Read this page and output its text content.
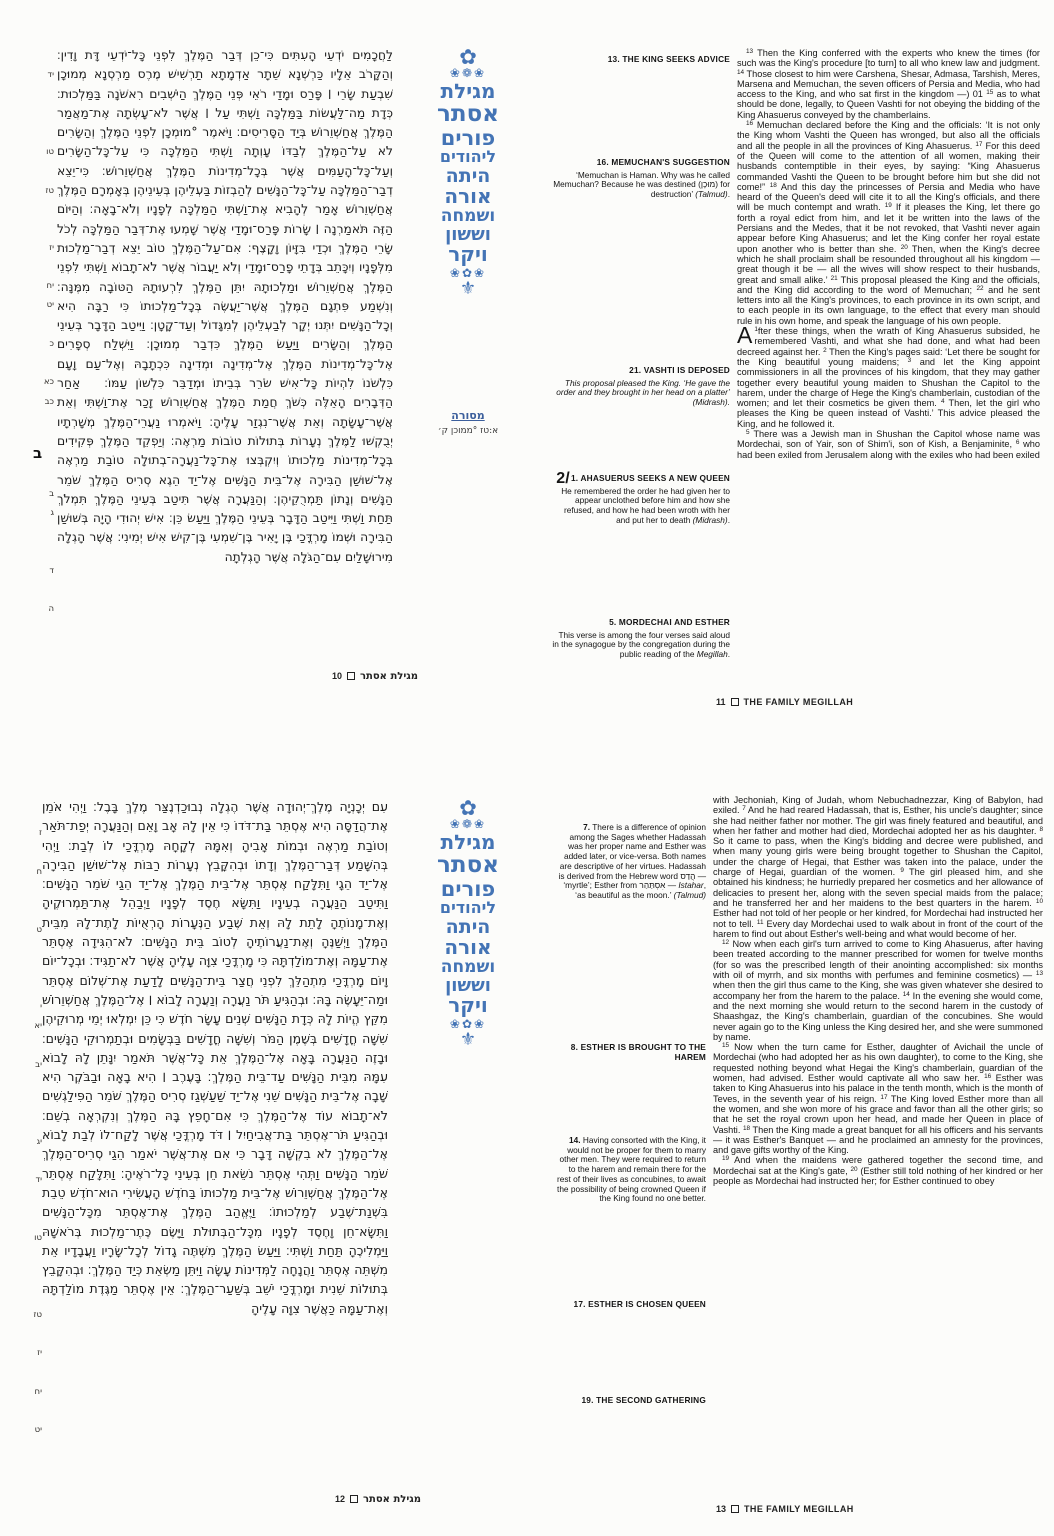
לַחֲכָמִים יֹדְעֵי הָעִתִּים כִּי־כֵן דְּבַר הַמֶּלֶךְ לִפְנֵי כָּל־יֹדְעֵי דָּת וָדִין׃ וְהַקָּרֹב אֵלָיו כַּרְשְׁנָא שֵׁתָר אַדְמָתָא תַרְשִׁישׁ מֶרֶס מַרְסְנָא מְמוּכָן שִׁבְעַת שָׂרֵי ׀ פָּרַס וּמָדַי רֹאֵי פְּנֵי הַמֶּלֶךְ הַיֹּשְׁבִים רִאשֹׁנָה בַּמַּלְכוּת׃ כְּדָת מַה־לַּעֲשׂוֹת בַּמַּלְכָּה וַשְׁתִּי עַל ׀ אֲשֶׁר לֹא־עָשְׂתָה אֶת־מַאֲמַר הַמֶּלֶךְ אֲחַשְׁוֵרוֹשׁ בְּיַד הַסָּרִיסִים׃ וַיֹּאמֶר °מוּמְכָן לִפְנֵי הַמֶּלֶךְ וְהַשָּׂרִים לֹא עַל־הַמֶּלֶךְ לְבַדּוֹ עָוְתָה וַשְׁתִּי הַמַּלְכָּה כִּי עַל־כָּל־הַשָּׂרִים וְעַל־כָּל־הָעַמִּים אֲשֶׁר בְּכָל־מְדִינוֹת הַמֶּלֶךְ אֲחַשְׁוֵרוֹשׁ׃ כִּי־יֵצֵא דְבַר־הַמַּלְכָּה עַל־כָּל־הַנָּשִׁים לְהַבְזוֹת בַּעְלֵיהֶן בְּעֵינֵיהֶן בְּאָמְרָם הַמֶּלֶךְ אֲחַשְׁוֵרוֹשׁ אָמַר לְהָבִיא אֶת־וַשְׁתִּי הַמַּלְכָּה לְפָנָיו וְלֹא־בָאָה׃ וְהַיּוֹם הַזֶּה תֹּאמַרְנָה ׀ שָׂרוֹת פָּרַס־וּמָדַי אֲשֶׁר שָׁמְעוּ אֶת־דְּבַר הַמַּלְכָּה לְכֹל שָׂרֵי הַמֶּלֶךְ וּכְדַי בִּזָּיוֹן וָקָצֶף׃ אִם־עַל־הַמֶּלֶךְ טוֹב יֵצֵא דְבַר־מַלְכוּת מִלְּפָנָיו וְיִכָּתֵב בְּדָתֵי פָרַס־וּמָדַי וְלֹא יַעֲבוֹר אֲשֶׁר לֹא־תָבוֹא וַשְׁתִּי לִפְנֵי הַמֶּלֶךְ אֲחַשְׁוֵרוֹשׁ וּמַלְכוּתָהּ יִתֵּן הַמֶּלֶךְ לִרְעוּתָהּ הַטּוֹבָה מִמֶּנָּה׃ וְנִשְׁמַע פִּתְגָם הַמֶּלֶךְ אֲשֶׁר־יַעֲשֶׂה בְּכָל־מַלְכוּתוֹ כִּי רַבָּה הִיא וְכָל־הַנָּשִׁים יִתְּנוּ יְקָר לְבַעְלֵיהֶן לְמִגָּדוֹל וְעַד־קָטָן׃ וַיִּיטַב הַדָּבָר בְּעֵינֵי הַמֶּלֶךְ וְהַשָּׂרִים וַיַּעַשׂ הַמֶּלֶךְ כִּדְבַר מְמוּכָן׃ וַיִּשְׁלַח סְפָרִים אֶל־כָּל־מְדִינוֹת הַמֶּלֶךְ אֶל־מְדִינָה וּמְדִינָה כִּכְתָבָהּ וְאֶל־עַם וָעָם כִּלְשֹׁנוֹ לִהְיוֹת כָּל־אִישׁ שֹׂרֵר בְּבֵיתוֹ וּמְדַבֵּר כִּלְשׁוֹן עַמּוֹ׃ אַחַר הַדְּבָרִים הָאֵלֶּה כְּשֹׁךְ חֲמַת הַמֶּלֶךְ אֲחַשְׁוֵרוֹשׁ זָכַר אֶת־וַשְׁתִּי וְאֵת אֲשֶׁר־עָשָׂתָה וְאֵת אֲשֶׁר־נִגְזַר עָלֶיהָ׃ וַיֹּאמְרוּ נַעֲרֵי־הַמֶּלֶךְ מְשָׁרְתָיו יְבֻקְשׁוּ לַמֶּלֶךְ נְעָרוֹת בְּתוּלוֹת טוֹבוֹת מַרְאֶה׃ וְיַפְקֵד הַמֶּלֶךְ פְּקִידִים בְּכָל־מְדִינוֹת מַלְכוּתוֹ וְיִקְבְּצוּ אֶת־כָּל־נַעֲרָה־בְתוּלָה טוֹבַת מַרְאֶה אֶל־שׁוּשַׁן הַבִּירָה אֶל־בֵּית הַנָּשִׁים אֶל־יַד הֵגֶא סְרִיס הַמֶּלֶךְ שֹׁמֵר הַנָּשִׁים וְנָתוֹן תַּמְרֻקֵיהֶן׃ וְהַנַּעֲרָה אֲשֶׁר תִּיטַב בְּעֵינֵי הַמֶּלֶךְ תִּמְלֹךְ תַּחַת וַשְׁתִּי וַיִּיטַב הַדָּבָר בְּעֵינֵי הַמֶּלֶךְ וַיַּעַשׂ כֵּן׃ אִישׁ יְהוּדִי הָיָה בְּשׁוּשַׁן הַבִּירָה וּשְׁמוֹ מָרְדֳּכַי בֶּן יָאִיר בֶּן־שִׁמְעִי בֶּן־קִישׁ אִישׁ יְמִינִי׃ אֲשֶׁר הָגְלָה מִירוּשָׁלַיִם עִם־הַגֹּלָה אֲשֶׁר הָגְלְתָה
יד
טו
טז
יז
יח
יט
כ
כא
כב
ב
ג
ד
ה
ב
✿
❀❁❀
מגילת
אסתר
פורים
ליהודים
היתה
אורה
ושמחה
וששון
ויקר
❀✿❀
⚜
מסורה
א:טז °ממוכן ק׳
13. THE KING SEEKS ADVICE
16. MEMUCHAN'S SUGGESTION
‘Memuchan is Haman. Why was he called Memuchan? Because he was destined (מוּכָן) for destruction’ (Talmud).
21. VASHTI IS DEPOSED
This proposal pleased the King. ‘He gave the order and they brought in her head on a platter’ (Midrash).
2/1. AHASUERUS SEEKS A NEW QUEEN
He remembered the order he had given her to appear unclothed before him and how she refused, and how he had been wroth with her and put her to death (Midrash).
5. MORDECHAI AND ESTHER
This verse is among the four verses said aloud in the synagogue by the congregation during the public reading of the Megillah.
$^{13}$ Then the King conferred with the experts who knew the times (for such was the King's procedure [to turn] to all who knew law and judgment. $^{14}$ Those closest to him were Carshena, Shesar, Admasa, Tarshish, Meres, Marsena and Memuchan, the seven officers of Persia and Media, who had access to the King, and who sat first in the kingdom —) 01 $^{15}$ as to what should be done, legally, to Queen Vashti for not obeying the bidding of the King Ahasuerus conveyed by the chamberlains.
$^{16}$ Memuchan declared before the King and the officials: ‘It is not only the King whom Vashti the Queen has wronged, but also all the officials and all the people in all the provinces of King Ahasuerus. $^{17}$ For this deed of the Queen will come to the attention of all women, making their husbands contemptible in their eyes, by saying: “King Ahasuerus commanded Vashti the Queen to be brought before him but she did not come!” $^{18}$ And this day the princesses of Persia and Media who have heard of the Queen's deed will cite it to all the King's officials, and there will be much contempt and wrath. $^{19}$ If it pleases the King, let there go forth a royal edict from him, and let it be written into the laws of the Persians and the Medes, that it be not revoked, that Vashti never again appear before King Ahasuerus; and let the King confer her royal estate upon another who is better than she. $^{20}$ Then, when the King's decree which he shall proclaim shall be resounded throughout all his kingdom — great though it be — all the wives will show respect to their husbands, great and small alike.’ $^{21}$ This proposal pleased the King and the officials, and the King did according to the word of Memuchan; $^{22}$ and he sent letters into all the King's provinces, to each province in its own script, and to each people in its own language, to the effect that every man should rule in his own home, and speak the language of his own people.
$^1$
A fter these things, when the wrath of King Ahasuerus subsided, he remembered Vashti, and what she had done, and what had been decreed against her. $^2$ Then the King's pages said: ‘Let there be sought for the King beautiful young maidens; $^3$ and let the King appoint commissioners in all the provinces of his kingdom, that they may gather together every beautiful young maiden to Shushan the Capitol to the harem, under the charge of Hege the King's chamberlain, custodian of the women; and let their cosmetics be given them. $^4$ Then, let the girl who pleases the King be queen instead of Vashti.’ This advice pleased the King, and he followed it.
$^5$ There was a Jewish man in Shushan the Capitol whose name was Mordechai, son of Yair, son of Shim'i, son of Kish, a Benjaminite, $^6$ who had been exiled from Jerusalem along with the exiles who had been exiled
10 מגילת אסתר
11 THE FAMILY MEGILLAH
עִם יְכָנְיָה מֶלֶךְ־יְהוּדָה אֲשֶׁר הֶגְלָה נְבוּכַדְנֶצַּר מֶלֶךְ בָּבֶל׃ וַיְהִי אֹמֵן אֶת־הֲדַסָּה הִיא אֶסְתֵּר בַּת־דֹּדוֹ כִּי אֵין לָהּ אָב וָאֵם וְהַנַּעֲרָה יְפַת־תֹּאַר וְטוֹבַת מַרְאֶה וּבְמוֹת אָבִיהָ וְאִמָּהּ לְקָחָהּ מָרְדֳּכַי לוֹ לְבַת׃ וַיְהִי בְּהִשָּׁמַע דְּבַר־הַמֶּלֶךְ וְדָתוֹ וּבְהִקָּבֵץ נְעָרוֹת רַבּוֹת אֶל־שׁוּשַׁן הַבִּירָה אֶל־יַד הֵגָי וַתִּלָּקַח אֶסְתֵּר אֶל־בֵּית הַמֶּלֶךְ אֶל־יַד הֵגַי שֹׁמֵר הַנָּשִׁים׃ וַתִּיטַב הַנַּעֲרָה בְעֵינָיו וַתִּשָּׂא חֶסֶד לְפָנָיו וַיְבַהֵל אֶת־תַּמְרוּקֶיהָ וְאֶת־מָנוֹתֶהָ לָתֵת לָהּ וְאֵת שֶׁבַע הַנְּעָרוֹת הָרְאֻיוֹת לָתֶת־לָהּ מִבֵּית הַמֶּלֶךְ וַיְשַׁנֶּהָ וְאֶת־נַעֲרוֹתֶיהָ לְטוֹב בֵּית הַנָּשִׁים׃ לֹא־הִגִּידָה אֶסְתֵּר אֶת־עַמָּהּ וְאֶת־מוֹלַדְתָּהּ כִּי מָרְדֳּכַי צִוָּה עָלֶיהָ אֲשֶׁר לֹא־תַגִּיד׃ וּבְכָל־יוֹם וָיוֹם מָרְדֳּכַי מִתְהַלֵּךְ לִפְנֵי חֲצַר בֵּית־הַנָּשִׁים לָדַעַת אֶת־שְׁלוֹם אֶסְתֵּר וּמַה־יֵּעָשֶׂה בָּהּ׃ וּבְהַגִּיעַ תֹּר נַעֲרָה וְנַעֲרָה לָבוֹא ׀ אֶל־הַמֶּלֶךְ אֲחַשְׁוֵרוֹשׁ מִקֵּץ הֱיוֹת לָהּ כְּדָת הַנָּשִׁים שְׁנֵים עָשָׂר חֹדֶשׁ כִּי כֵּן יִמְלְאוּ יְמֵי מְרוּקֵיהֶן שִׁשָּׁה חֳדָשִׁים בְּשֶׁמֶן הַמֹּר וְשִׁשָּׁה חֳדָשִׁים בַּבְּשָׂמִים וּבְתַמְרוּקֵי הַנָּשִׁים׃ וּבָזֶה הַנַּעֲרָה בָּאָה אֶל־הַמֶּלֶךְ אֵת כָּל־אֲשֶׁר תֹּאמַר יִנָּתֵן לָהּ לָבוֹא עִמָּהּ מִבֵּית הַנָּשִׁים עַד־בֵּית הַמֶּלֶךְ׃ בָּעֶרֶב ׀ הִיא בָאָה וּבַבֹּקֶר הִיא שָׁבָה אֶל־בֵּית הַנָּשִׁים שֵׁנִי אֶל־יַד שַׁעַשְׁגַז סְרִיס הַמֶּלֶךְ שֹׁמֵר הַפִּילַגְשִׁים לֹא־תָבוֹא עוֹד אֶל־הַמֶּלֶךְ כִּי אִם־חָפֵץ בָּהּ הַמֶּלֶךְ וְנִקְרְאָה בְשֵׁם׃ וּבְהַגִּיעַ תֹּר־אֶסְתֵּר בַּת־אֲבִיחַיִל ׀ דֹּד מָרְדֳּכַי אֲשֶׁר לָקַח־לוֹ לְבַת לָבוֹא אֶל־הַמֶּלֶךְ לֹא בִקְשָׁה דָּבָר כִּי אִם אֶת־אֲשֶׁר יֹאמַר הֵגַי סְרִיס־הַמֶּלֶךְ שֹׁמֵר הַנָּשִׁים וַתְּהִי אֶסְתֵּר נֹשֵׂאת חֵן בְּעֵינֵי כָּל־רֹאֶיהָ׃ וַתִּלָּקַח אֶסְתֵּר אֶל־הַמֶּלֶךְ אֲחַשְׁוֵרוֹשׁ אֶל־בֵּית מַלְכוּתוֹ בַּחֹדֶשׁ הָעֲשִׂירִי הוּא־חֹדֶשׁ טֵבֵת בִּשְׁנַת־שֶׁבַע לְמַלְכוּתוֹ׃ וַיֶּאֱהַב הַמֶּלֶךְ אֶת־אֶסְתֵּר מִכָּל־הַנָּשִׁים וַתִּשָּׂא־חֵן וָחֶסֶד לְפָנָיו מִכָּל־הַבְּתוּלֹת וַיָּשֶׂם כֶּתֶר־מַלְכוּת בְּרֹאשָׁהּ וַיַּמְלִיכֶהָ תַּחַת וַשְׁתִּי׃ וַיַּעַשׂ הַמֶּלֶךְ מִשְׁתֶּה גָדוֹל לְכָל־שָׂרָיו וַעֲבָדָיו אֵת מִשְׁתֵּה אֶסְתֵּר וַהֲנָחָה לַמְּדִינוֹת עָשָׂה וַיִּתֵּן מַשְׂאֵת כְּיַד הַמֶּלֶךְ׃ וּבְהִקָּבֵץ בְּתוּלוֹת שֵׁנִית וּמָרְדֳּכַי יֹשֵׁב בְּשַׁעַר־הַמֶּלֶךְ׃ אֵין אֶסְתֵּר מַגֶּדֶת מוֹלַדְתָּהּ וְאֶת־עַמָּהּ כַּאֲשֶׁר צִוָּה עָלֶיהָ
ז
ח
ט
י
יא
יב
יג
יד
טו
טז
יז
יח
יט
✿
❀❁❀
מגילת
אסתר
פורים
ליהודים
היתה
אורה
ושמחה
וששון
ויקר
❀✿❀
⚜
7. There is a difference of opinion among the Sages whether Hadassah was her proper name and Esther was added later, or vice-versa. Both names are descriptive of her virtues. Hadassah is derived from the Hebrew word הֲדַס — ‘myrtle’; Esther from אִסְתַּהַר — Istahar, ‘as beautiful as the moon.’ (Talmud)
8. ESTHER IS BROUGHT TO THE HAREM
14. Having consorted with the King, it would not be proper for them to marry other men. They were required to return to the harem and remain there for the rest of their lives as concubines, to await the possibility of being crowned Queen if the King found no one better.
17. ESTHER IS CHOSEN QUEEN
19. THE SECOND GATHERING
with Jechoniah, King of Judah, whom Nebuchadnezzar, King of Babylon, had exiled. $^7$ And he had reared Hadassah, that is, Esther, his uncle's daughter; since she had neither father nor mother. The girl was finely featured and beautiful, and when her father and mother had died, Mordechai adopted her as his daughter. $^8$ So it came to pass, when the King's bidding and decree were published, and when many young girls were being brought together to Shushan the Capitol, under the charge of Hegai, that Esther was taken into the palace, under the charge of Hegai, guardian of the women. $^9$ The girl pleased him, and she obtained his kindness; he hurriedly prepared her cosmetics and her allowance of delicacies to present her, along with the seven special maids from the palace; and he transferred her and her maidens to the best quarters in the harem. $^{10}$ Esther had not told of her people or her kindred, for Mordechai had instructed her not to tell. $^{11}$ Every day Mordechai used to walk about in front of the court of the harem to find out about Esther's well-being and what would become of her.
$^{12}$ Now when each girl's turn arrived to come to King Ahasuerus, after having been treated according to the manner prescribed for women for twelve months (for so was the prescribed length of their anointing accomplished: six months with oil of myrrh, and six months with perfumes and feminine cosmetics) — $^{13}$ when then the girl thus came to the King, she was given whatever she desired to accompany her from the harem to the palace. $^{14}$ In the evening she would come, and the next morning she would return to the second harem in the custody of Shaashgaz, the King's chamberlain, guardian of the concubines. She would never again go to the King unless the King desired her, and she were summoned by name.
$^{15}$ Now when the turn came for Esther, daughter of Avichail the uncle of Mordechai (who had adopted her as his own daughter), to come to the King, she requested nothing beyond what Hegai the King's chamberlain, guardian of the women, had advised. Esther would captivate all who saw her. $^{16}$ Esther was taken to King Ahasuerus into his palace in the tenth month, which is the month of Teves, in the seventh year of his reign. $^{17}$ The King loved Esther more than all the women, and she won more of his grace and favor than all the other girls; so that he set the royal crown upon her head, and made her Queen in place of Vashti. $^{18}$ Then the King made a great banquet for all his officers and his servants — it was Esther's Banquet — and he proclaimed an amnesty for the provinces, and gave gifts worthy of the King.
$^{19}$ And when the maidens were gathered together the second time, and Mordechai sat at the King's gate, $^{20}$ (Esther still told nothing of her kindred or her people as Mordechai had instructed her; for Esther continued to obey
12 מגילת אסתר
13 THE FAMILY MEGILLAH
